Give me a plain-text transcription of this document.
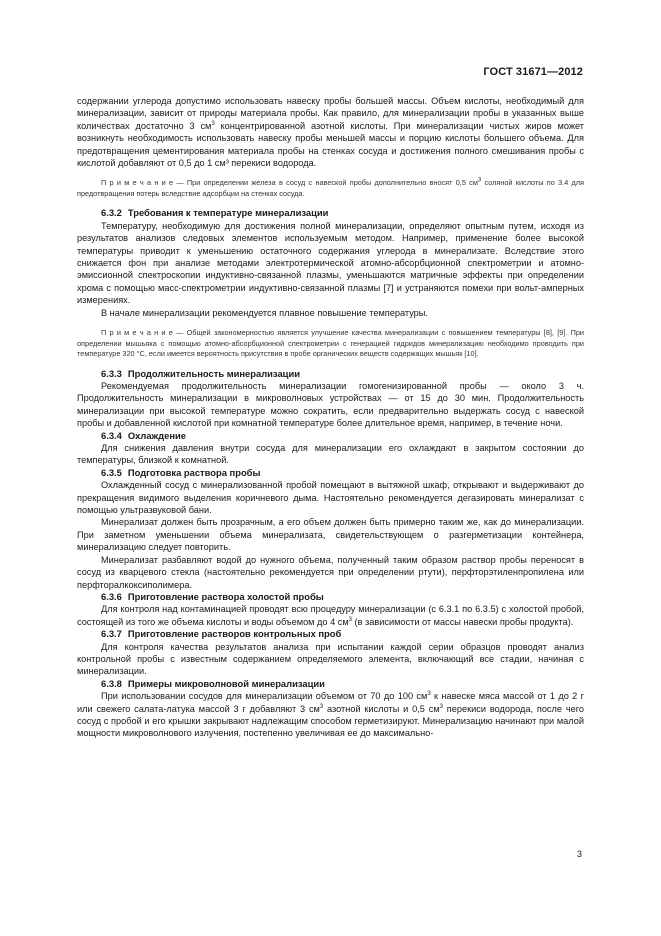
ГОСТ 31671—2012

содержании углерода допустимо использовать навеску пробы большей массы. Объем кислоты, необходимый для минерализации, зависит от природы материала пробы. Как правило, для минерализации пробы в указанных выше количествах достаточно 3 $см^3$ концентрированной азотной кислоты. При минерализации чистых жиров может возникнуть необходимость использовать навеску пробы меньшей массы и порцию кислоты большего объема. Для предотвращения цементирования материала пробы на стенках сосуда и достижения полного смешивания пробы с кислотой добавляют от 0,5 до 1 см³ перекиси водорода.

П р и м е ч а н и е — При определении железа в сосуд с навеской пробы дополнительно вносят 0,5 $см^3$ соляной кислоты по 3.4 для предотвращения потерь вследствие адсорбции на стенках сосуда.

6.3.2 Требования к температуре минерализации

Температуру, необходимую для достижения полной минерализации, определяют опытным путем, исходя из результатов анализов следовых элементов используемым методом. Например, применение более высокой температуры приводит к уменьшению остаточного содержания углерода в минерализате. Вследствие этого снижается фон при анализе методами электротермической атомно-абсорбционной спектрометрии и атомно-эмиссионной спектроскопии индуктивно-связанной плазмы, уменьшаются матричные эффекты при определении хрома с помощью масс-спектрометрии индуктивно-связанной плазмы [7] и устраняются помехи при вольт-амперных измерениях.

В начале минерализации рекомендуется плавное повышение температуры.

П р и м е ч а н и е — Общей закономерностью является улучшение качества минерализации с повышением температуры [8], [9]. При определении мышьяка с помощью атомно-абсорбционной спектрометрии с генерацией гидридов минерализацию необходимо проводить при температуре 320 °С, если имеется вероятность присутствия в пробе органических веществ содержащих мышьяк [10].

6.3.3 Продолжительность минерализации

Рекомендуемая продолжительность минерализации гомогенизированной пробы — около 3 ч. Продолжительность минерализации в микроволновых устройствах — от 15 до 30 мин. Продолжительность минерализации при высокой температуре можно сократить, если предварительно выдержать сосуд с навеской пробы и добавленной кислотой при комнатной температуре более длительное время, например, в течение ночи.

6.3.4 Охлаждение

Для снижения давления внутри сосуда для минерализации его охлаждают в закрытом состоянии до температуры, близкой к комнатной.

6.3.5 Подготовка раствора пробы

Охлажденный сосуд с минерализованной пробой помещают в вытяжной шкаф, открывают и выдерживают до прекращения видимого выделения коричневого дыма. Настоятельно рекомендуется дегазировать минерализат с помощью ультразвуковой бани.

Минерализат должен быть прозрачным, а его объем должен быть примерно таким же, как до минерализации. При заметном уменьшении объема минерализата, свидетельствующем о разгерметизации контейнера, минерализацию следует повторить.

Минерализат разбавляют водой до нужного объема, полученный таким образом раствор пробы переносят в сосуд из кварцевого стекла (настоятельно рекомендуется при определении ртути), перфторэтиленпропилена или перфторалкоксиполимера.

6.3.6 Приготовление раствора холостой пробы

Для контроля над контаминацией проводят всю процедуру минерализации (с 6.3.1 по 6.3.5) с холостой пробой, состоящей из того же объема кислоты и воды объемом до 4 $см^3$ (в зависимости от массы навески пробы продукта).

6.3.7 Приготовление растворов контрольных проб

Для контроля качества результатов анализа при испытании каждой серии образцов проводят анализ контрольной пробы с известным содержанием определяемого элемента, включающий все стадии, начиная с минерализации.

6.3.8 Примеры микроволновой минерализации

При использовании сосудов для минерализации объемом от 70 до 100 $см^3$ к навеске мяса массой от 1 до 2 г или свежего салата-латука массой 3 г добавляют 3 $см^3$ азотной кислоты и 0,5 $см^3$ перекиси водорода, после чего сосуд с пробой и его крышки закрывают надлежащим способом герметизируют. Минерализацию начинают при малой мощности микроволнового излучения, постепенно увеличивая ее до максимально-

3
